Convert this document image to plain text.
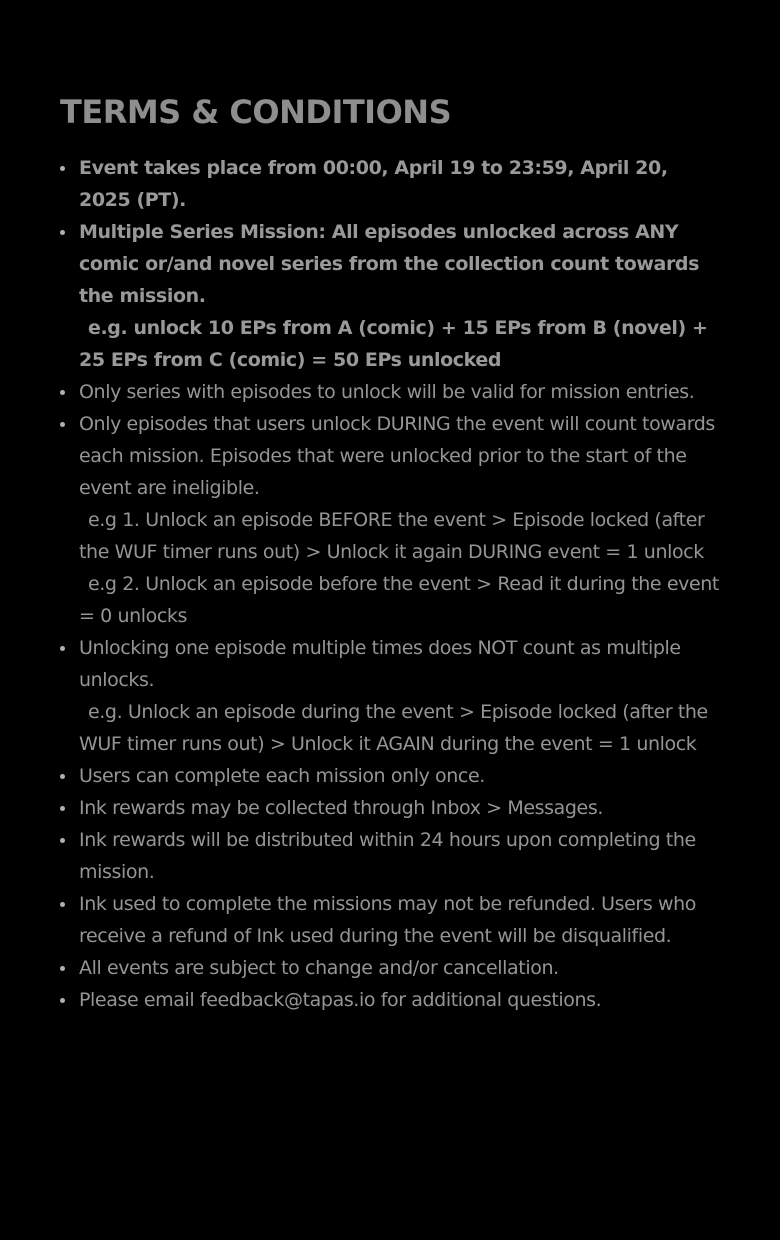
TERMS & CONDITIONS
Event takes place from 00:00, April 19 to 23:59, April 20, 2025 (PT).
Multiple Series Mission: All episodes unlocked across ANY comic or/and novel series from the collection count towards the mission.
e.g. unlock 10 EPs from A (comic) + 15 EPs from B (novel) + 25 EPs from C (comic) = 50 EPs unlocked
Only series with episodes to unlock will be valid for mission entries.
Only episodes that users unlock DURING the event will count towards each mission. Episodes that were unlocked prior to the start of the event are ineligible.
e.g 1. Unlock an episode BEFORE the event > Episode locked (after the WUF timer runs out) > Unlock it again DURING event = 1 unlock
e.g 2. Unlock an episode before the event > Read it during the event = 0 unlocks
Unlocking one episode multiple times does NOT count as multiple unlocks.
e.g. Unlock an episode during the event > Episode locked (after the WUF timer runs out) > Unlock it AGAIN during the event = 1 unlock
Users can complete each mission only once.
Ink rewards may be collected through Inbox > Messages.
Ink rewards will be distributed within 24 hours upon completing the mission.
Ink used to complete the missions may not be refunded. Users who receive a refund of Ink used during the event will be disqualified.
All events are subject to change and/or cancellation.
Please email feedback@tapas.io for additional questions.
